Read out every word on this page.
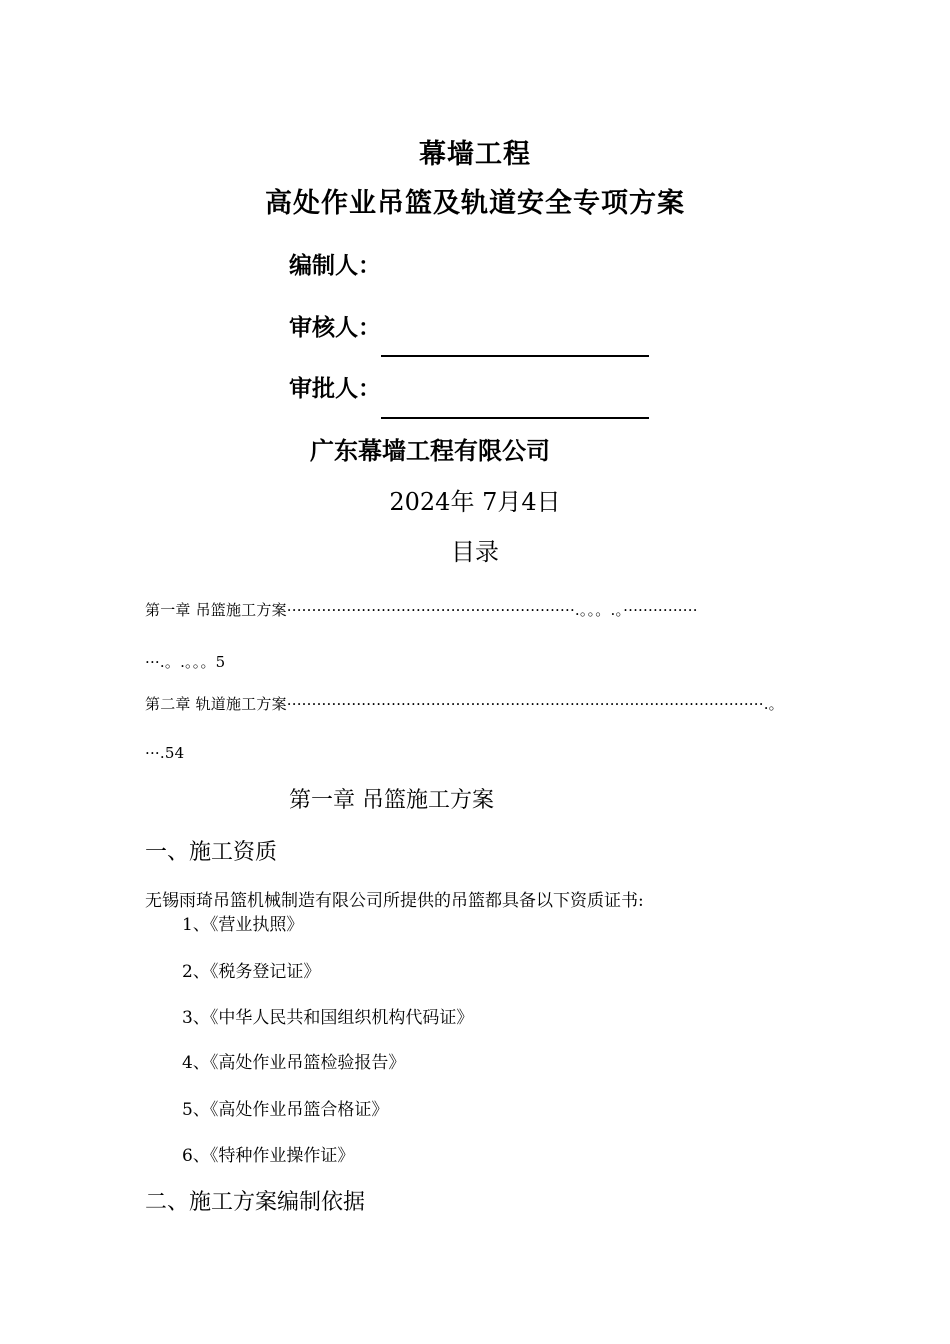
幕墙工程
高处作业吊篮及轨道安全专项方案
编制人：
审核人：
审批人：
广东幕墙工程有限公司
2024年 7月4日
目录
第一章 吊篮施工方案··························································.。。。.。···············
···.。.。。。5
第二章 轨道施工方案································································································.。
···.54
第一章 吊篮施工方案
一、施工资质
无锡雨琦吊篮机械制造有限公司所提供的吊篮都具备以下资质证书:
1、《营业执照》
2、《税务登记证》
3、《中华人民共和国组织机构代码证》
4、《高处作业吊篮检验报告》
5、《高处作业吊篮合格证》
6、《特种作业操作证》
二、施工方案编制依据
